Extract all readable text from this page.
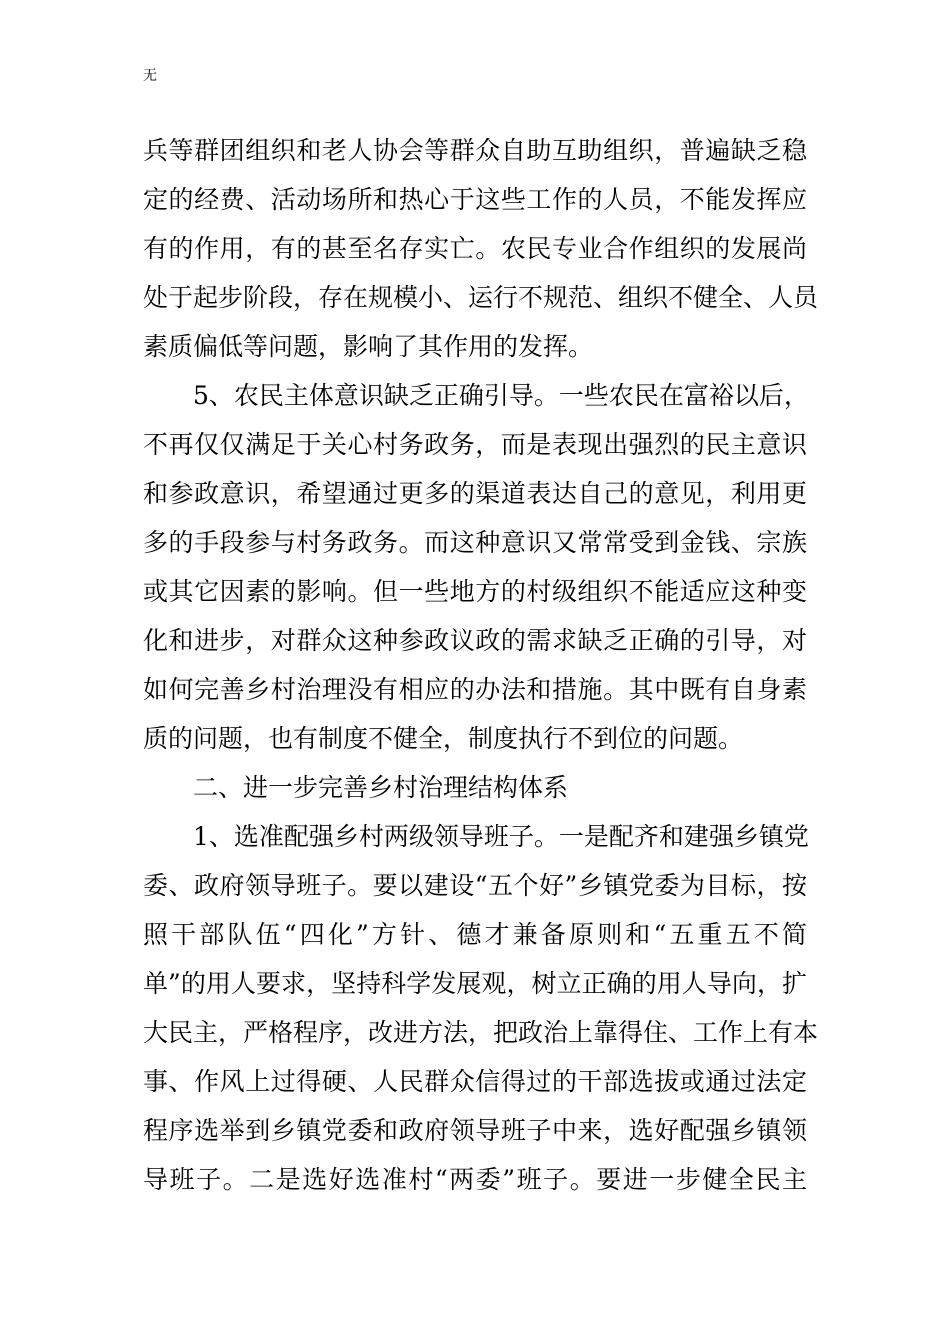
无

兵等群团组织和老人协会等群众自助互助组织，普遍缺乏稳

定的经费、活动场所和热心于这些工作的人员，不能发挥应

有的作用，有的甚至名存实亡。农民专业合作组织的发展尚

处于起步阶段，存在规模小、运行不规范、组织不健全、人员

素质偏低等问题，影响了其作用的发挥。

5、农民主体意识缺乏正确引导。一些农民在富裕以后，

不再仅仅满足于关心村务政务，而是表现出强烈的民主意识

和参政意识，希望通过更多的渠道表达自己的意见，利用更

多的手段参与村务政务。而这种意识又常常受到金钱、宗族

或其它因素的影响。但一些地方的村级组织不能适应这种变

化和进步，对群众这种参政议政的需求缺乏正确的引导，对

如何完善乡村治理没有相应的办法和措施。其中既有自身素

质的问题，也有制度不健全，制度执行不到位的问题。

二、进一步完善乡村治理结构体系

1、选准配强乡村两级领导班子。一是配齐和建强乡镇党

委、政府领导班子。要以建设“五个好”乡镇党委为目标，按

照干部队伍“四化”方针、德才兼备原则和“五重五不简

单”的用人要求，坚持科学发展观，树立正确的用人导向，扩

大民主，严格程序，改进方法，把政治上靠得住、工作上有本

事、作风上过得硬、人民群众信得过的干部选拔或通过法定

程序选举到乡镇党委和政府领导班子中来，选好配强乡镇领

导班子。二是选好选准村“两委”班子。要进一步健全民主
